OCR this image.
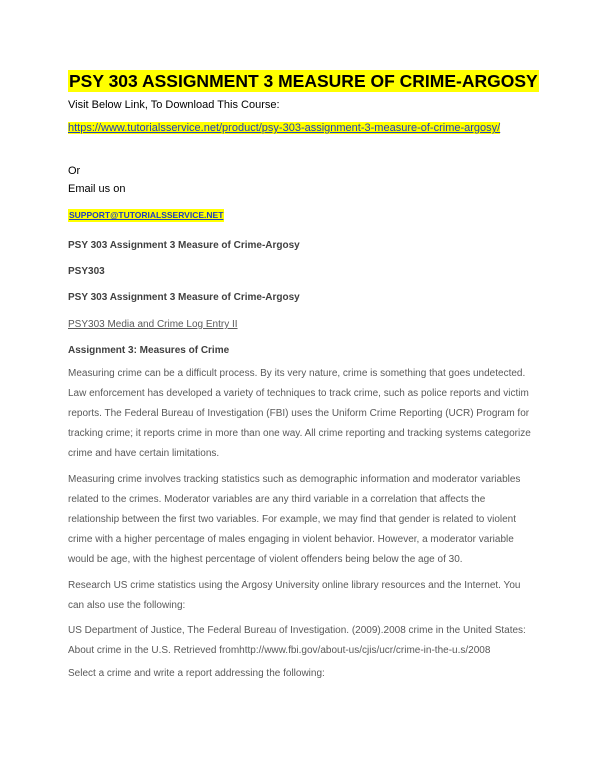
PSY 303 ASSIGNMENT 3 MEASURE OF CRIME-ARGOSY
Visit Below Link, To Download This Course:
https://www.tutorialsservice.net/product/psy-303-assignment-3-measure-of-crime-argosy/
Or
Email us on
SUPPORT@TUTORIALSSERVICE.NET
PSY 303 Assignment 3 Measure of Crime-Argosy
PSY303
PSY 303 Assignment 3 Measure of Crime-Argosy
PSY303 Media and Crime Log Entry II
Assignment 3: Measures of Crime
Measuring crime can be a difficult process. By its very nature, crime is something that goes undetected.
Law enforcement has developed a variety of techniques to track crime, such as police reports and victim
reports. The Federal Bureau of Investigation (FBI) uses the Uniform Crime Reporting (UCR) Program for
tracking crime; it reports crime in more than one way. All crime reporting and tracking systems categorize
crime and have certain limitations.
Measuring crime involves tracking statistics such as demographic information and moderator variables
related to the crimes. Moderator variables are any third variable in a correlation that affects the
relationship between the first two variables. For example, we may find that gender is related to violent
crime with a higher percentage of males engaging in violent behavior. However, a moderator variable
would be age, with the highest percentage of violent offenders being below the age of 30.
Research US crime statistics using the Argosy University online library resources and the Internet. You
can also use the following:
US Department of Justice, The Federal Bureau of Investigation. (2009).2008 crime in the United States:
About crime in the U.S. Retrieved fromhttp://www.fbi.gov/about-us/cjis/ucr/crime-in-the-u.s/2008
Select a crime and write a report addressing the following:
